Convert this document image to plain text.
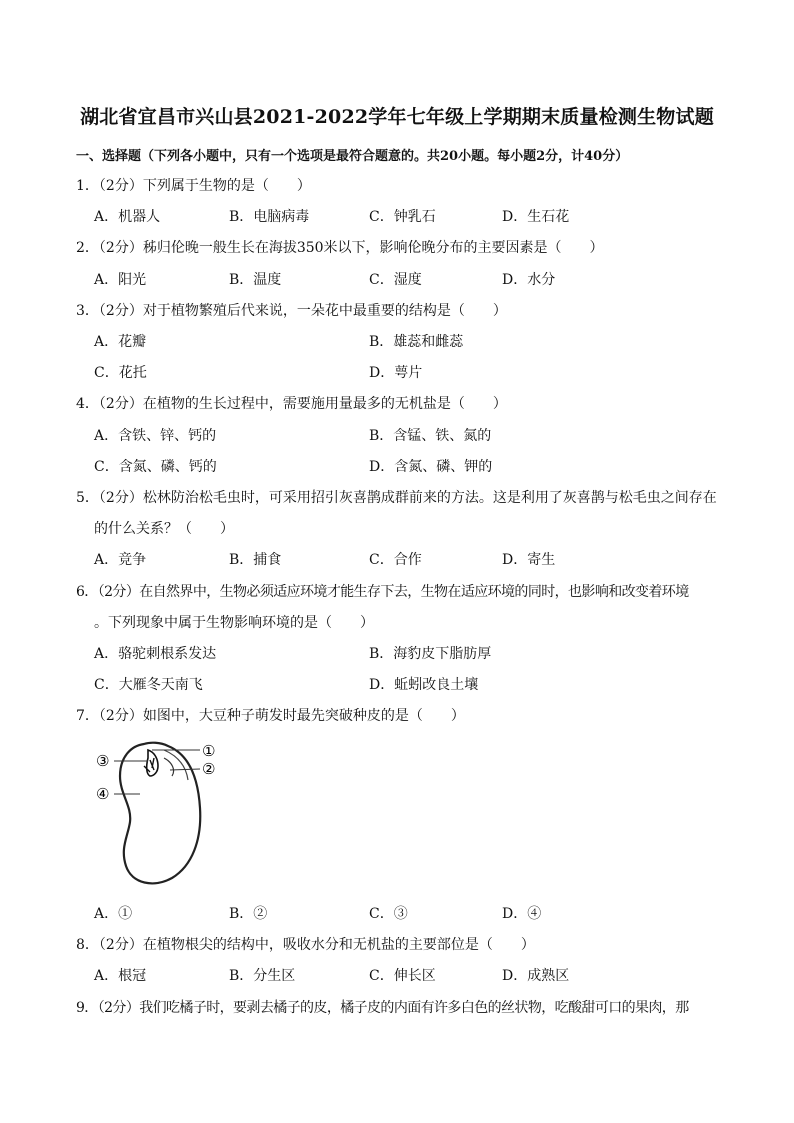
湖北省宜昌市兴山县2021-2022学年七年级上学期期末质量检测生物试题
一、选择题（下列各小题中，只有一个选项是最符合题意的。共20小题。每小题2分，计40分）
1．（2分）下列属于生物的是（　　）
A．机器人	B．电脑病毒	C．钟乳石	D．生石花
2．（2分）秭归伦晚一般生长在海拔350米以下，影响伦晚分布的主要因素是（　　）
A．阳光	B．温度	C．湿度	D．水分
3．（2分）对于植物繁殖后代来说，一朵花中最重要的结构是（　　）
A．花瓣	B．雄蕊和雌蕊
C．花托	D．萼片
4．（2分）在植物的生长过程中，需要施用量最多的无机盐是（　　）
A．含铁、锌、钙的	B．含锰、铁、氮的
C．含氮、磷、钙的	D．含氮、磷、钾的
5．（2分）松林防治松毛虫时，可采用招引灰喜鹊成群前来的方法。这是利用了灰喜鹊与松毛虫之间存在
的什么关系？（　　）
A．竞争	B．捕食	C．合作	D．寄生
6．（2分）在自然界中，生物必须适应环境才能生存下去，生物在适应环境的同时，也影响和改变着环境
。下列现象中属于生物影响环境的是（　　）
A．骆驼刺根系发达	B．海豹皮下脂肪厚
C．大雁冬天南飞	D．蚯蚓改良土壤
7．（2分）如图中，大豆种子萌发时最先突破种皮的是（　　）
①
②
③
④
A．①	B．②	C．③	D．④
8．（2分）在植物根尖的结构中，吸收水分和无机盐的主要部位是（　　）
A．根冠	B．分生区	C．伸长区	D．成熟区
9．（2分）我们吃橘子时，要剥去橘子的皮，橘子皮的内面有许多白色的丝状物，吃酸甜可口的果肉，那
